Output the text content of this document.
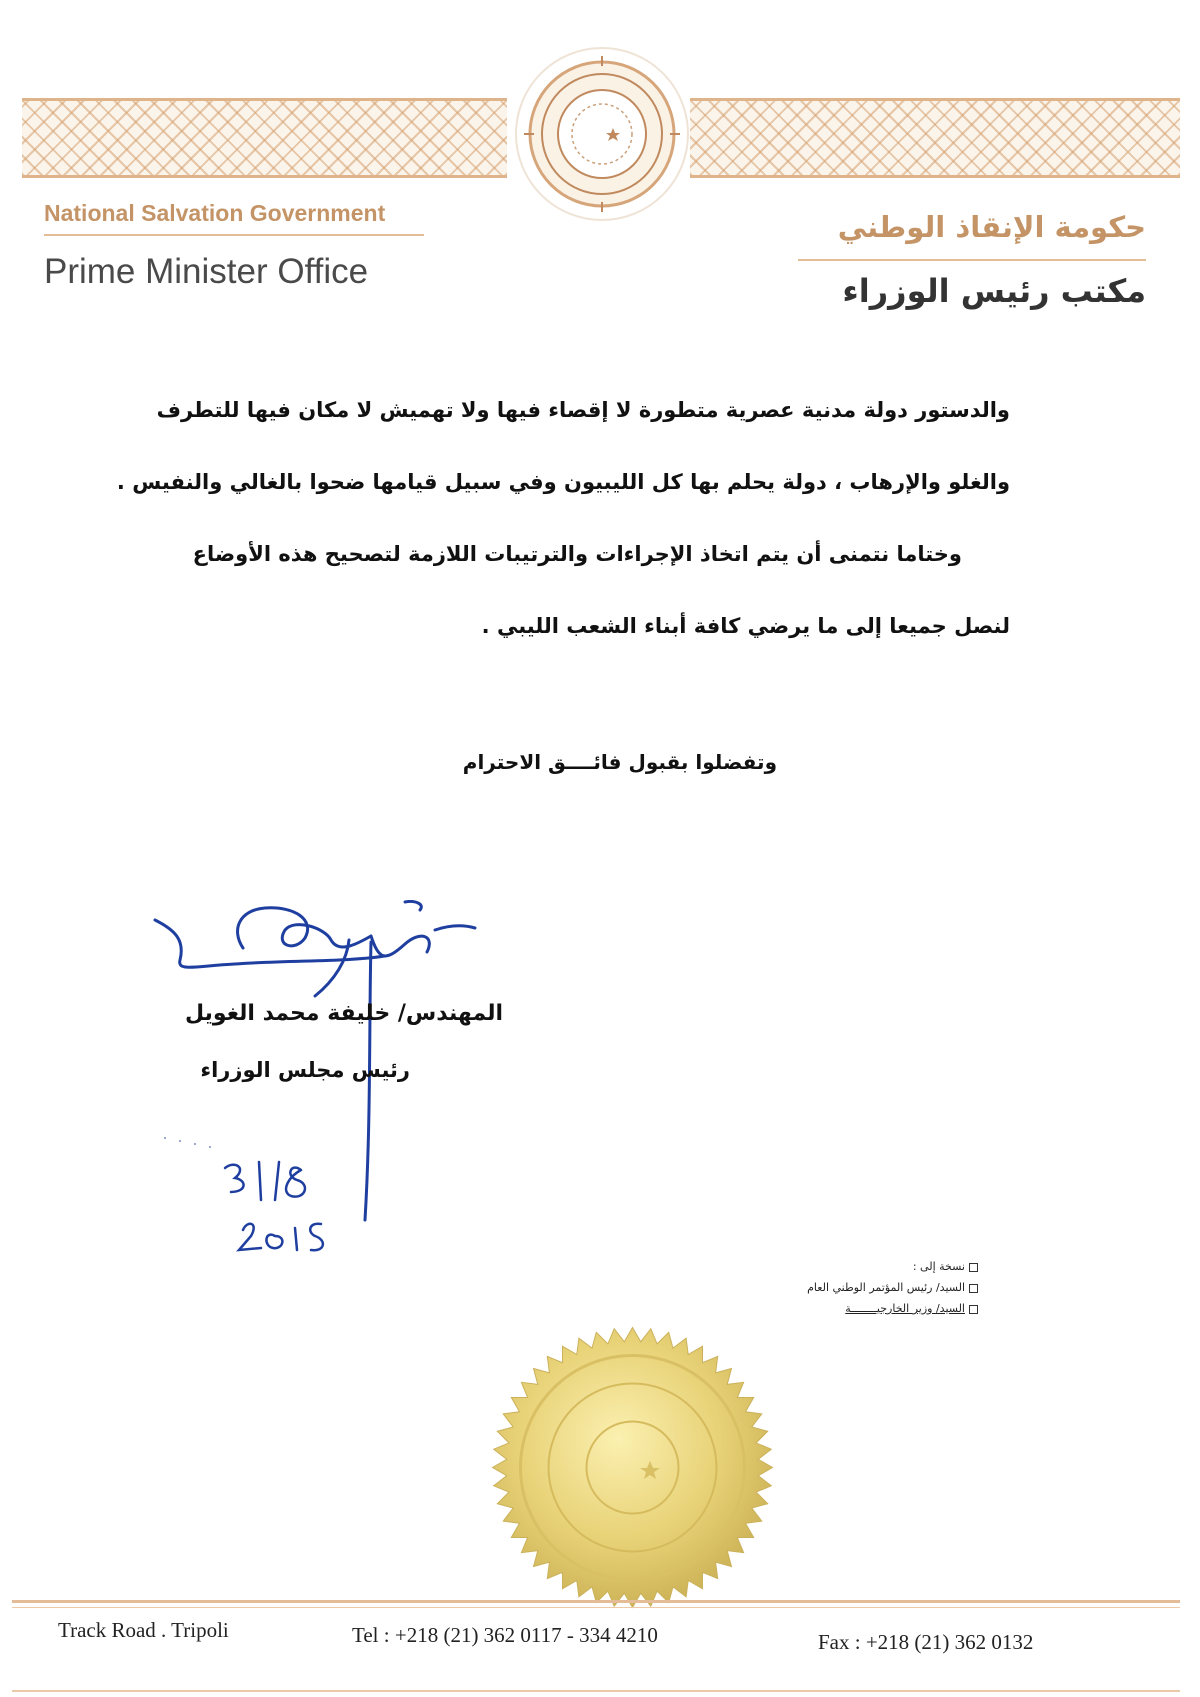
National Salvation Government
Prime Minister Office
حكومة الإنقاذ الوطني
مكتب رئيس الوزراء
والدستور دولة مدنية عصرية متطورة لا إقصاء فيها ولا تهميش لا مكان فيها للتطرف
والغلو والإرهاب ، دولة يحلم بها كل الليبيون وفي سبيل قيامها ضحوا بالغالي والنفيس .
وختاما نتمنى أن يتم اتخاذ الإجراءات والترتيبات اللازمة لتصحيح هذه الأوضاع
لنصل جميعا إلى ما يرضي كافة أبناء الشعب الليبي .
وتفضلوا بقبول فائــــق الاحترام
المهندس/ خليفة محمد الغويل
رئيس مجلس الوزراء
نسخة إلى :
السيد/ رئيس المؤتمر الوطني العام
السيد/ وزير الخارجيــــــــة
Track Road . Tripoli	Tel : +218 (21) 362 0117 - 334 4210	Fax : +218 (21) 362 0132
